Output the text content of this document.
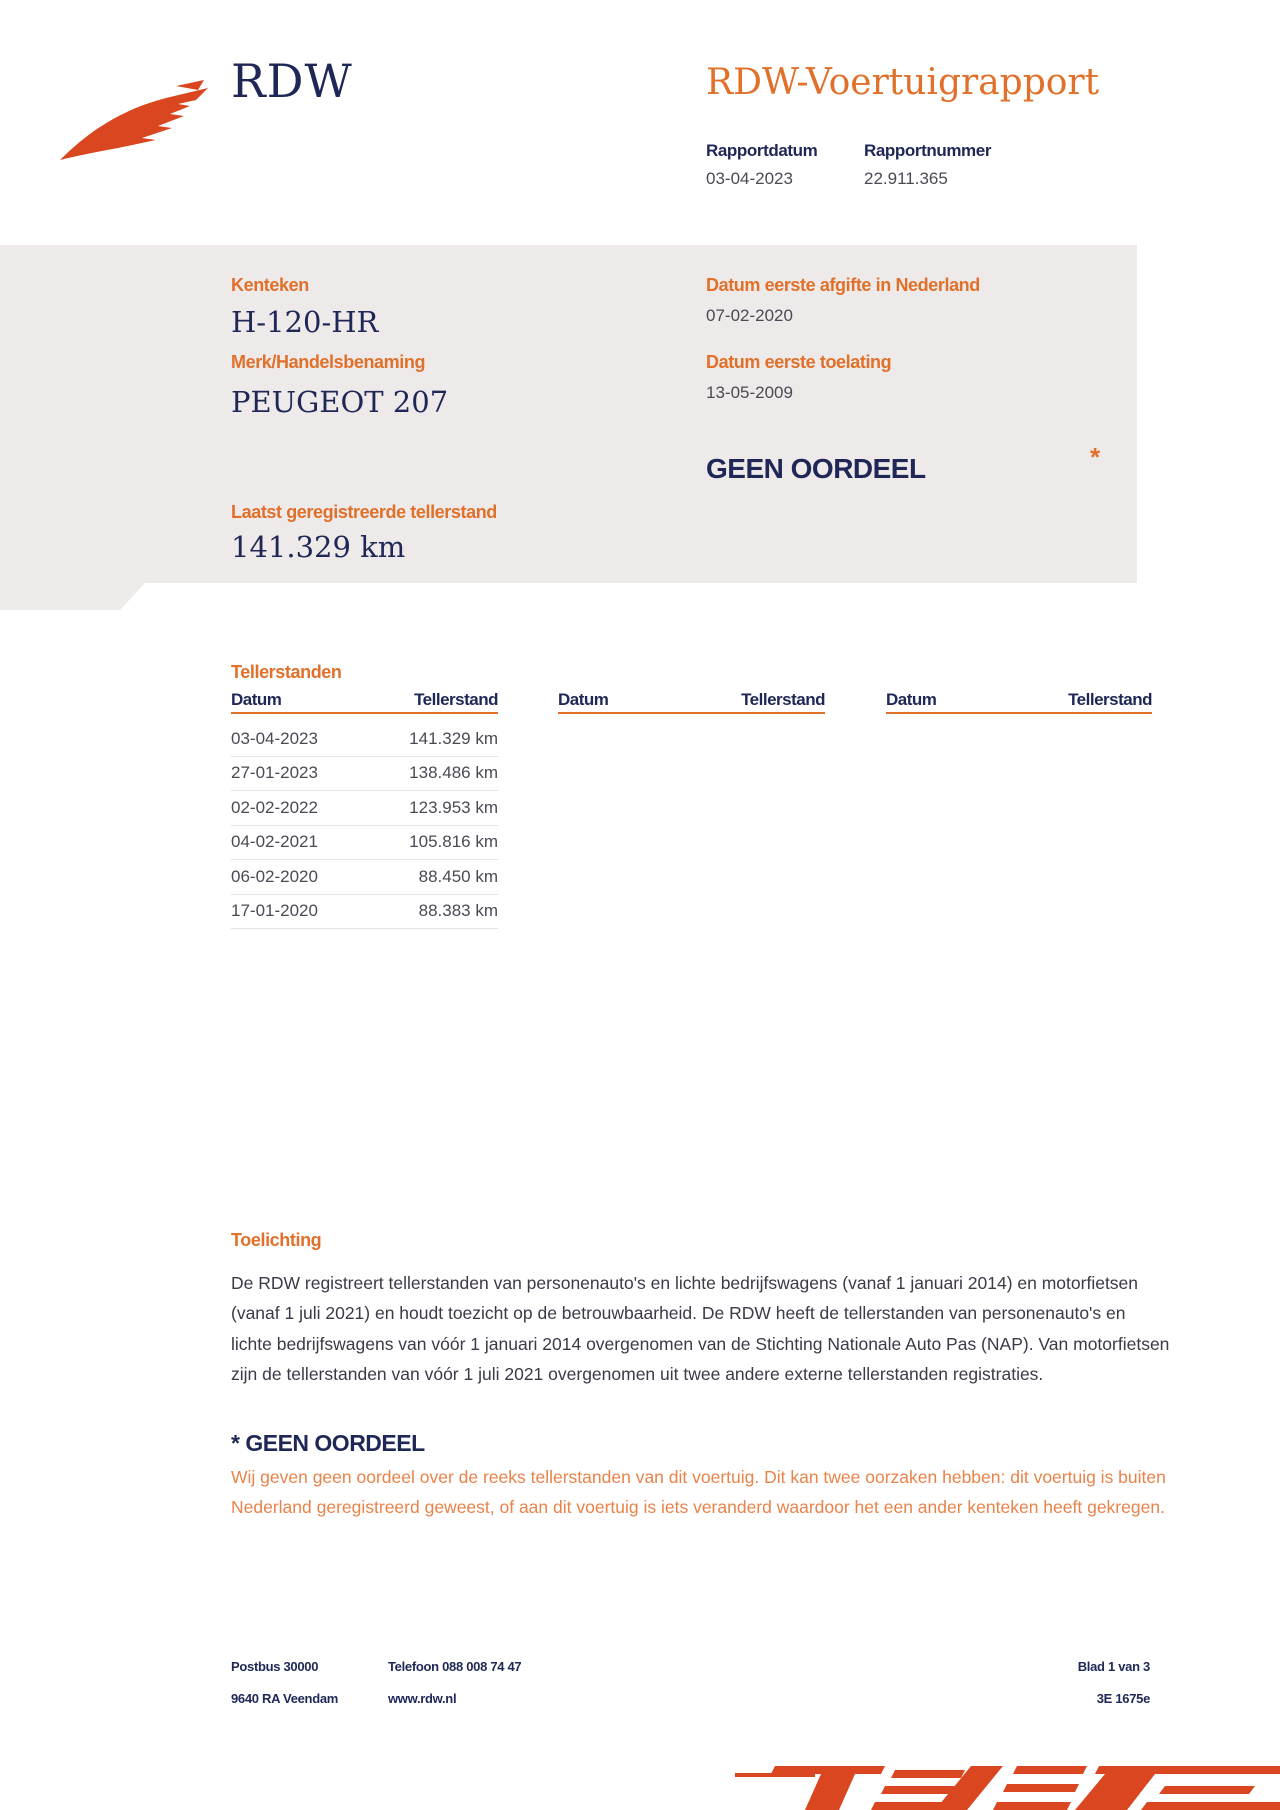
RDW	RDW-Voertuigrapport
Rapportdatum
03-04-2023
Rapportnummer
22.911.365
Kenteken
H-120-HR
Merk/Handelsbenaming
PEUGEOT 207
Datum eerste afgifte in Nederland
07-02-2020
Datum eerste toelating
13-05-2009
GEEN OORDEEL	*
Laatst geregistreerde tellerstand
141.329 km
Tellerstanden
Datum	Tellerstand	Datum	Tellerstand	Datum	Tellerstand
03-04-2023	141.329 km
27-01-2023	138.486 km
02-02-2022	123.953 km
04-02-2021	105.816 km
06-02-2020	88.450 km
17-01-2020	88.383 km
Toelichting
De RDW registreert tellerstanden van personenauto's en lichte bedrijfswagens (vanaf 1 januari 2014) en motorfietsen (vanaf 1 juli 2021) en houdt toezicht op de betrouwbaarheid. De RDW heeft de tellerstanden van personenauto's en lichte bedrijfswagens van vóór 1 januari 2014 overgenomen van de Stichting Nationale Auto Pas (NAP). Van motorfietsen zijn de tellerstanden van vóór 1 juli 2021 overgenomen uit twee andere externe tellerstanden registraties.
* GEEN OORDEEL
Wij geven geen oordeel over de reeks tellerstanden van dit voertuig. Dit kan twee oorzaken hebben: dit voertuig is buiten Nederland geregistreerd geweest, of aan dit voertuig is iets veranderd waardoor het een ander kenteken heeft gekregen.
Postbus 30000
9640 RA Veendam
Telefoon 088 008 74 47
www.rdw.nl
Blad 1 van 3
3E 1675e
